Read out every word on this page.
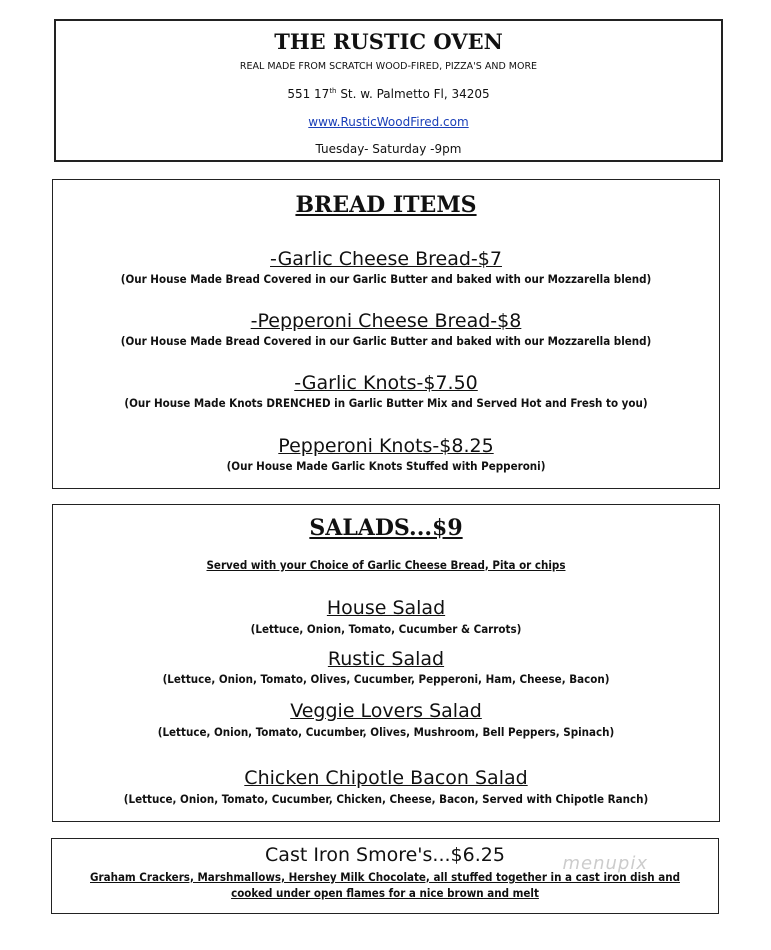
THE RUSTIC OVEN
REAL MADE FROM SCRATCH WOOD-FIRED, PIZZA'S AND MORE
551 17th St. w. Palmetto Fl, 34205
www.RusticWoodFired.com
Tuesday- Saturday -9pm
BREAD ITEMS
-Garlic Cheese Bread-$7
(Our House Made Bread Covered in our Garlic Butter and baked with our Mozzarella blend)
-Pepperoni Cheese Bread-$8
(Our House Made Bread Covered in our Garlic Butter and baked with our Mozzarella blend)
-Garlic Knots-$7.50
(Our House Made Knots DRENCHED in Garlic Butter Mix and Served Hot and Fresh to you)
Pepperoni Knots-$8.25
(Our House Made Garlic Knots Stuffed with Pepperoni)
SALADS...$9
Served with your Choice of Garlic Cheese Bread, Pita or chips
House Salad
(Lettuce, Onion, Tomato, Cucumber & Carrots)
Rustic Salad
(Lettuce, Onion, Tomato, Olives, Cucumber, Pepperoni, Ham, Cheese, Bacon)
Veggie Lovers Salad
(Lettuce, Onion, Tomato, Cucumber, Olives, Mushroom, Bell Peppers, Spinach)
Chicken Chipotle Bacon Salad
(Lettuce, Onion, Tomato, Cucumber, Chicken, Cheese, Bacon, Served with Chipotle Ranch)
Cast Iron Smore's...$6.25
Graham Crackers, Marshmallows, Hershey Milk Chocolate, all stuffed together in a cast iron dish and
cooked under open flames for a nice brown and melt
menupix
